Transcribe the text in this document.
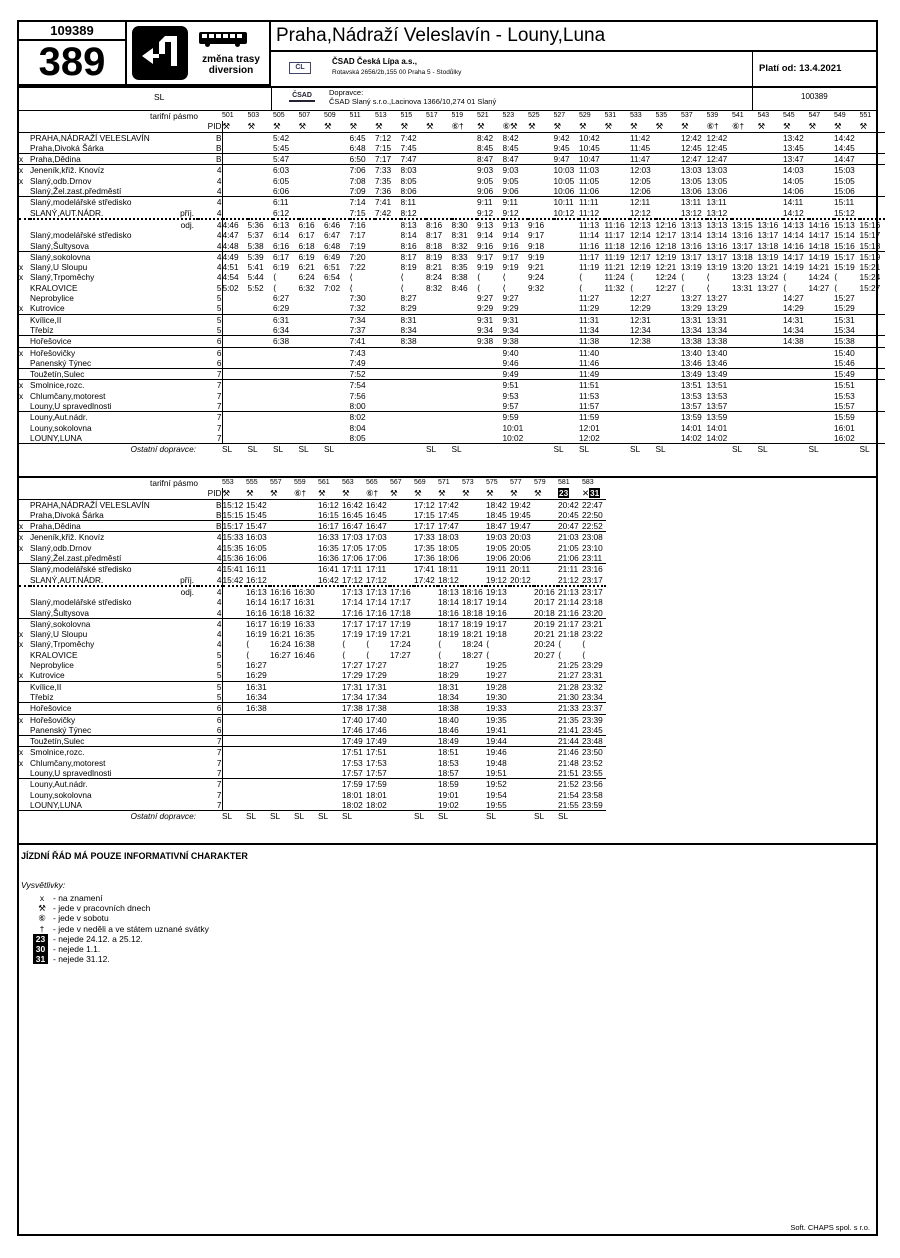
109389
389	změna trasy
diversion
Praha,Nádraží Veleslavín - Louny,Luna
ČL
ČSAD Česká Lípa a.s.,
Rotavská 2656/2b,155 00 Praha 5 - Stodůlky	Platí od: 13.4.2021
SL	ČSAD	Dopravce:
ČSAD Slaný s.r.o.,Lacinova 1366/10,274 01 Slaný
100389
	tarifní pásmo		501	503	505	507	509	511	513	515	517	519	521	523	525	527	529	531	533	535	537	539	541	543	545	547	549	551
		PID	⚒	⚒	⚒	⚒	⚒	⚒	⚒	⚒	⚒	⑥†	⚒	⑥⚒	⚒	⚒	⚒	⚒	⚒	⚒	⚒	⑥†	⑥†	⚒	⚒	⚒	⚒	⚒
	PRAHA,NÁDRAŽÍ VELESLAVÍN	B			5:42			6:45	7:12	7:42			8:42	8:42		9:42	10:42		11:42		12:42	12:42			13:42		14:42	
	Praha,Divoká Šárka	B			5:45			6:48	7:15	7:45			8:45	8:45		9:45	10:45		11:45		12:45	12:45			13:45		14:45	
x	Praha,Dědina	B			5:47			6:50	7:17	7:47			8:47	8:47		9:47	10:47		11:47		12:47	12:47			13:47		14:47	
x	Jeneník,křiž. Knovíz	4			6:03			7:06	7:33	8:03			9:03	9:03		10:03	11:03		12:03		13:03	13:03			14:03		15:03	
x	Slaný,odb.Drnov	4			6:05			7:08	7:35	8:05			9:05	9:05		10:05	11:05		12:05		13:05	13:05			14:05		15:05	
	Slaný,Žel.zast.předměstí	4			6:06			7:09	7:36	8:06			9:06	9:06		10:06	11:06		12:06		13:06	13:06			14:06		15:06	
	Slaný,modelářské středisko	4			6:11			7:14	7:41	8:11			9:11	9:11		10:11	11:11		12:11		13:11	13:11			14:11		15:11	
	SLANÝ,AUT.NÁDR. příj.	4			6:12			7:15	7:42	8:12			9:12	9:12		10:12	11:12		12:12		13:12	13:12			14:12		15:12	

	odj.	4	4:46	5:36	6:13	6:16	6:46	7:16		8:13	8:16	8:30	9:13	9:13	9:16		11:13	11:16	12:13	12:16	13:13	13:13	13:15	13:16	14:13	14:16	15:13	15:16
	Slaný,modelářské středisko	4	4:47	5:37	6:14	6:17	6:47	7:17		8:14	8:17	8:31	9:14	9:14	9:17		11:14	11:17	12:14	12:17	13:14	13:14	13:16	13:17	14:14	14:17	15:14	15:17
	Slaný,Šultysova	4	4:48	5:38	6:16	6:18	6:48	7:19		8:16	8:18	8:32	9:16	9:16	9:18		11:16	11:18	12:16	12:18	13:16	13:16	13:17	13:18	14:16	14:18	15:16	15:18
	Slaný,sokolovna	4	4:49	5:39	6:17	6:19	6:49	7:20		8:17	8:19	8:33	9:17	9:17	9:19		11:17	11:19	12:17	12:19	13:17	13:17	13:18	13:19	14:17	14:19	15:17	15:19
x	Slaný,U Sloupu	4	4:51	5:41	6:19	6:21	6:51	7:22		8:19	8:21	8:35	9:19	9:19	9:21		11:19	11:21	12:19	12:21	13:19	13:19	13:20	13:21	14:19	14:21	15:19	15:21
x	Slaný,Trpoměchy	4	4:54	5:44	⟨	6:24	6:54	⟨		⟨	8:24	8:38	⟨	⟨	9:24		⟨	11:24	⟨	12:24	⟨	⟨	13:23	13:24	⟨	14:24	⟨	15:24
	KRALOVICE	5	5:02	5:52	⟨	6:32	7:02	⟨		⟨	8:32	8:46	⟨	⟨	9:32		⟨	11:32	⟨	12:27	⟨	⟨	13:31	13:27	⟨	14:27	⟨	15:27
	Neprobylice	5			6:27			7:30		8:27			9:27	9:27			11:27		12:27		13:27	13:27			14:27		15:27	
x	Kutrovice	5			6:29			7:32		8:29			9:29	9:29			11:29		12:29		13:29	13:29			14:29		15:29	
	Kvílice,II	5			6:31			7:34		8:31			9:31	9:31			11:31		12:31		13:31	13:31			14:31		15:31	
	Třebíz	5			6:34			7:37		8:34			9:34	9:34			11:34		12:34		13:34	13:34			14:34		15:34	
	Hořešovice	6			6:38			7:41		8:38			9:38	9:38			11:38		12:38		13:38	13:38			14:38		15:38	
x	Hořešovičky	6						7:43						9:40			11:40				13:40	13:40					15:40	
	Panenský Týnec	6						7:49						9:46			11:46				13:46	13:46					15:46	
	Toužetín,Sulec	7						7:52						9:49			11:49				13:49	13:49					15:49	
x	Smolnice,rozc.	7						7:54						9:51			11:51				13:51	13:51					15:51	
x	Chlumčany,motorest	7						7:56						9:53			11:53				13:53	13:53					15:53	
	Louny,U spravedlnosti	7						8:00						9:57			11:57				13:57	13:57					15:57	
	Louny,Aut.nádr.	7						8:02						9:59			11:59				13:59	13:59					15:59	
	Louny,sokolovna	7						8:04						10:01			12:01				14:01	14:01					16:01	
	LOUNY,LUNA	7						8:05						10:02			12:02				14:02	14:02					16:02	
	Ostatní dopravce:		SL	SL	SL	SL	SL				SL	SL				SL	SL		SL	SL			SL	SL		SL		SL
	tarifní pásmo		553	555	557	559	561	563	565	567	569	571	573	575	577	579	581	583
		PID	⚒	⚒	⚒	⑥†	⚒	⚒	⑥†	⚒	⚒	⚒	⚒	⚒	⚒	⚒	23	✕31
	PRAHA,NÁDRAŽÍ VELESLAVÍN	B	15:12	15:42			16:12	16:42	16:42		17:12	17:42		18:42	19:42		20:42	22:47
	Praha,Divoká Šárka	B	15:15	15:45			16:15	16:45	16:45		17:15	17:45		18:45	19:45		20:45	22:50
x	Praha,Dědina	B	15:17	15:47			16:17	16:47	16:47		17:17	17:47		18:47	19:47		20:47	22:52
x	Jeneník,křiž. Knovíz	4	15:33	16:03			16:33	17:03	17:03		17:33	18:03		19:03	20:03		21:03	23:08
x	Slaný,odb.Drnov	4	15:35	16:05			16:35	17:05	17:05		17:35	18:05		19:05	20:05		21:05	23:10
	Slaný,Žel.zast.předměstí	4	15:36	16:06			16:36	17:06	17:06		17:36	18:06		19:06	20:06		21:06	23:11
	Slaný,modelářské středisko	4	15:41	16:11			16:41	17:11	17:11		17:41	18:11		19:11	20:11		21:11	23:16
	SLANÝ,AUT.NÁDR. příj.	4	15:42	16:12			16:42	17:12	17:12		17:42	18:12		19:12	20:12		21:12	23:17

	odj.	4		16:13	16:16	16:30		17:13	17:13	17:16		18:13	18:16	19:13		20:16	21:13	23:17
	Slaný,modelářské středisko	4		16:14	16:17	16:31		17:14	17:14	17:17		18:14	18:17	19:14		20:17	21:14	23:18
	Slaný,Šultysova	4		16:16	16:18	16:32		17:16	17:16	17:18		18:16	18:18	19:16		20:18	21:16	23:20
	Slaný,sokolovna	4		16:17	16:19	16:33		17:17	17:17	17:19		18:17	18:19	19:17		20:19	21:17	23:21
x	Slaný,U Sloupu	4		16:19	16:21	16:35		17:19	17:19	17:21		18:19	18:21	19:18		20:21	21:18	23:22
x	Slaný,Trpoměchy	4		⟨	16:24	16:38		⟨	⟨	17:24		⟨	18:24	⟨		20:24	⟨	⟨
	KRALOVICE	5		⟨	16:27	16:46		⟨	⟨	17:27		⟨	18:27	⟨		20:27	⟨	⟨
	Neprobylice	5		16:27				17:27	17:27			18:27		19:25			21:25	23:29
x	Kutrovice	5		16:29				17:29	17:29			18:29		19:27			21:27	23:31
	Kvílice,II	5		16:31				17:31	17:31			18:31		19:28			21:28	23:32
	Třebíz	5		16:34				17:34	17:34			18:34		19:30			21:30	23:34
	Hořešovice	6		16:38				17:38	17:38			18:38		19:33			21:33	23:37
x	Hořešovičky	6						17:40	17:40			18:40		19:35			21:35	23:39
	Panenský Týnec	6						17:46	17:46			18:46		19:41			21:41	23:45
	Toužetín,Sulec	7						17:49	17:49			18:49		19:44			21:44	23:48
x	Smolnice,rozc.	7						17:51	17:51			18:51		19:46			21:46	23:50
x	Chlumčany,motorest	7						17:53	17:53			18:53		19:48			21:48	23:52
	Louny,U spravedlnosti	7						17:57	17:57			18:57		19:51			21:51	23:55
	Louny,Aut.nádr.	7						17:59	17:59			18:59		19:52			21:52	23:56
	Louny,sokolovna	7						18:01	18:01			19:01		19:54			21:54	23:58
	LOUNY,LUNA	7						18:02	18:02			19:02		19:55			21:55	23:59
	Ostatní dopravce:		SL	SL	SL	SL	SL	SL			SL	SL		SL		SL	SL	
JÍZDNÍ ŘÁD MÁ POUZE INFORMATIVNÍ CHARAKTER
Vysvětlivky:
x - na znamení
⚒ - jede v pracovních dnech
⑥ - jede v sobotu
† - jede v neděli a ve státem uznané svátky
23 - nejede 24.12. a 25.12.
30 - nejede 1.1.
31 - nejede 31.12.
Soft. CHAPS spol. s r.o.
